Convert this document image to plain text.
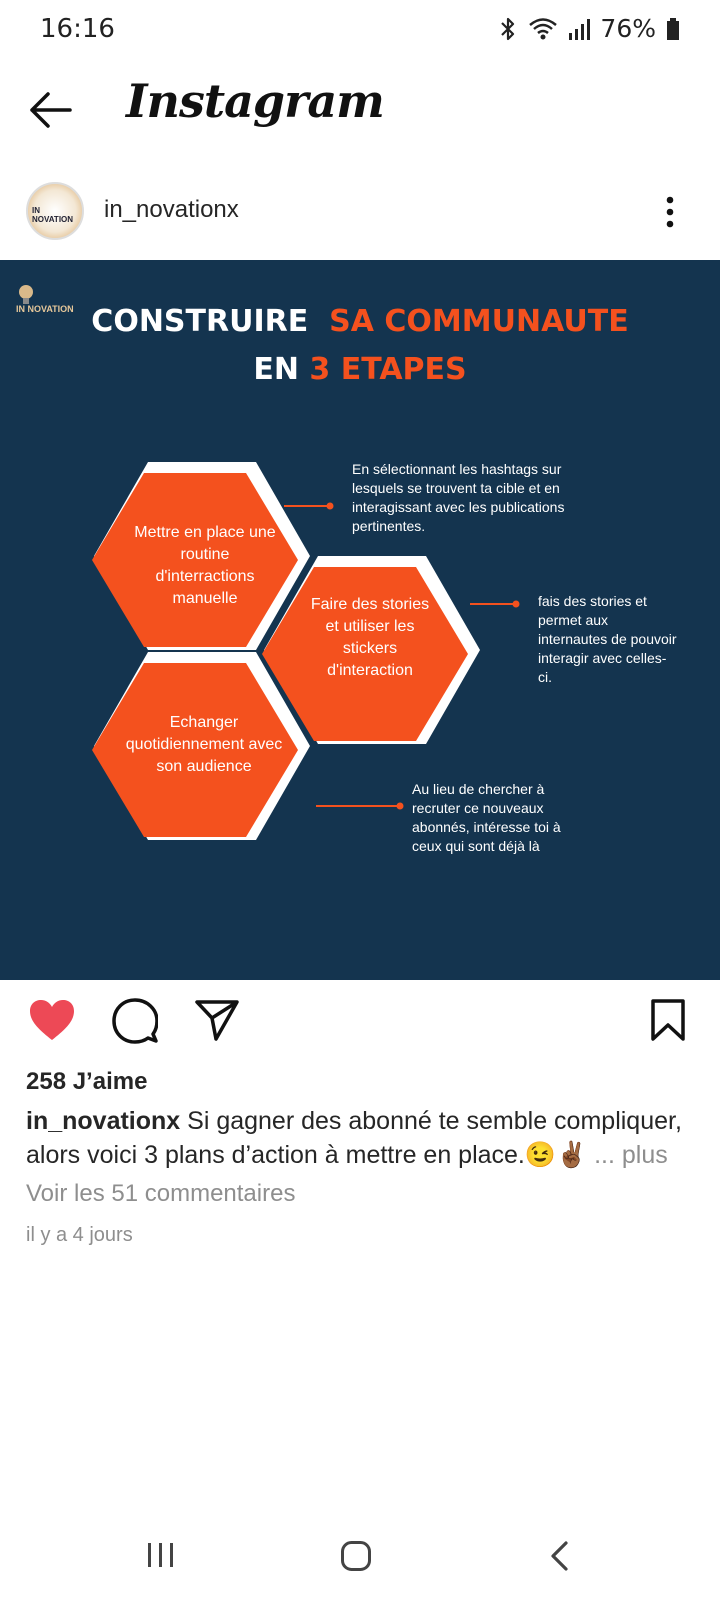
16:16	76%
Instagram
IN NOVATION	in_novationx
IN NOVATION CONSTRUIRE SA COMMUNAUTE
EN 3 ETAPES
Mettre en place une routine d'interractions manuelle	Faire des stories et utiliser les stickers d'interaction
Echanger quotidiennement avec son audience
En sélectionnant les hashtags sur lesquels se trouvent ta cible et en interagissant avec les publications pertinentes.
fais des stories et permet aux internautes de pouvoir interagir avec celles-ci.
Au lieu de chercher à recruter ce nouveaux abonnés, intéresse toi à ceux qui sont déjà là
258 J’aime
in_novationx Si gagner des abonné te semble compliquer, alors voici 3 plans d’action à mettre en place.😉✌🏾 ... plus
Voir les 51 commentaires
il y a 4 jours
